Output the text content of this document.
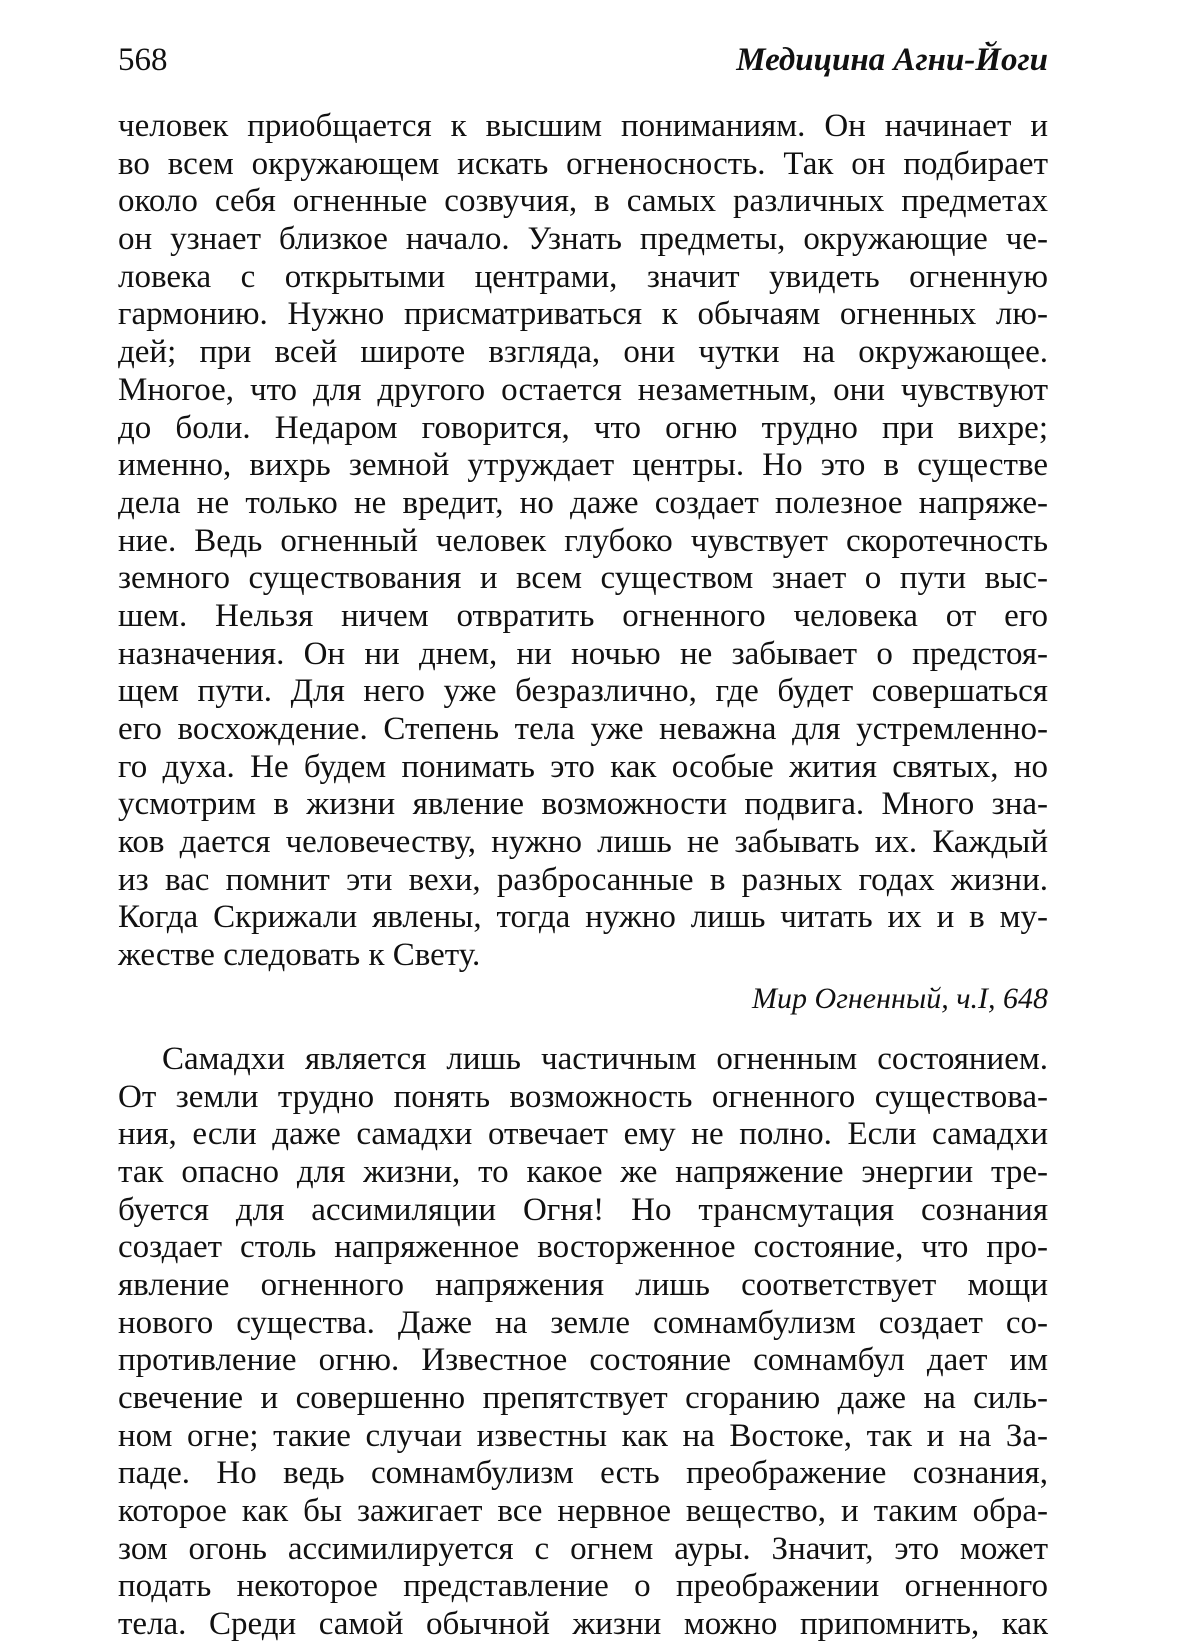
568	Медицина Агни-Йоги
человек приобщается к высшим пониманиям. Он начинает и
во всем окружающем искать огненосность. Так он подбирает
около себя огненные созвучия, в самых различных предметах
он узнает близкое начало. Узнать предметы, окружающие че-
ловека с открытыми центрами, значит увидеть огненную
гармонию. Нужно присматриваться к обычаям огненных лю-
дей; при всей широте взгляда, они чутки на окружающее.
Многое, что для другого остается незаметным, они чувствуют
до боли. Недаром говорится, что огню трудно при вихре;
именно, вихрь земной утруждает центры. Но это в существе
дела не только не вредит, но даже создает полезное напряже-
ние. Ведь огненный человек глубоко чувствует скоротечность
земного существования и всем существом знает о пути выс-
шем. Нельзя ничем отвратить огненного человека от его
назначения. Он ни днем, ни ночью не забывает о предстоя-
щем пути. Для него уже безразлично, где будет совершаться
его восхождение. Степень тела уже неважна для устремленно-
го духа. Не будем понимать это как особые жития святых, но
усмотрим в жизни явление возможности подвига. Много зна-
ков дается человечеству, нужно лишь не забывать их. Каждый
из вас помнит эти вехи, разбросанные в разных годах жизни.
Когда Скрижали явлены, тогда нужно лишь читать их и в му-
жестве следовать к Свету.
Мир Огненный, ч.I, 648
Самадхи является лишь частичным огненным состоянием.
От земли трудно понять возможность огненного существова-
ния, если даже самадхи отвечает ему не полно. Если самадхи
так опасно для жизни, то какое же напряжение энергии тре-
буется для ассимиляции Огня! Но трансмутация сознания
создает столь напряженное восторженное состояние, что про-
явление огненного напряжения лишь соответствует мощи
нового существа. Даже на земле сомнамбулизм создает со-
противление огню. Известное состояние сомнамбул дает им
свечение и совершенно препятствует сгоранию даже на силь-
ном огне; такие случаи известны как на Востоке, так и на За-
паде. Но ведь сомнамбулизм есть преображение сознания,
которое как бы зажигает все нервное вещество, и таким обра-
зом огонь ассимилируется с огнем ауры. Значит, это может
подать некоторое представление о преображении огненного
тела. Среди самой обычной жизни можно припомнить, как
